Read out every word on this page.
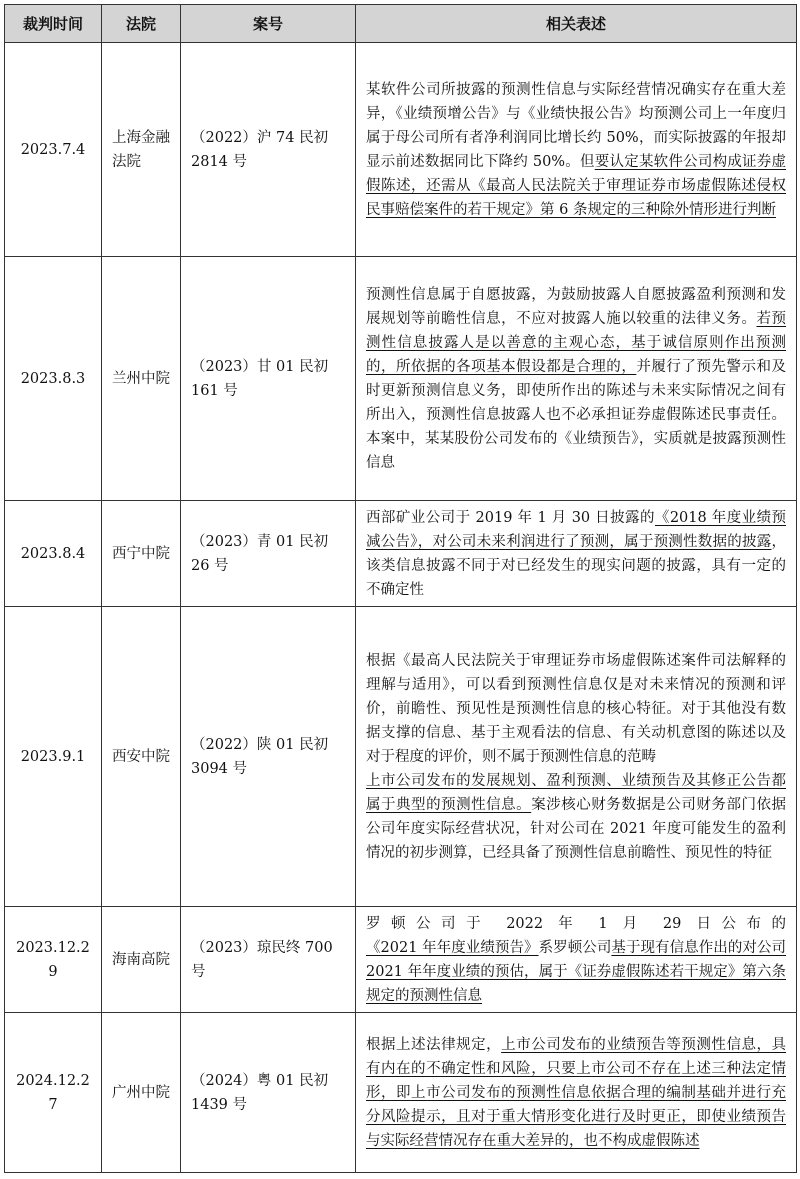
裁判时间	法院	案号	相关表述
2023.7.4	上海金融法院	（2022）沪 74 民初 2814 号	某软件公司所披露的预测性信息与实际经营情况确实存在重大差异，《业绩预增公告》与《业绩快报公告》均预测公司上一年度归属于母公司所有者净利润同比增长约 50%，而实际披露的年报却显示前述数据同比下降约 50%。但要认定某软件公司构成证券虚假陈述，还需从《最高人民法院关于审理证券市场虚假陈述侵权民事赔偿案件的若干规定》第 6 条规定的三种除外情形进行判断
2023.8.3	兰州中院	（2023）甘 01 民初 161 号	预测性信息属于自愿披露，为鼓励披露人自愿披露盈利预测和发展规划等前瞻性信息，不应对披露人施以较重的法律义务。若预测性信息披露人是以善意的主观心态，基于诚信原则作出预测的，所依据的各项基本假设都是合理的，并履行了预先警示和及时更新预测信息义务，即使所作出的陈述与未来实际情况之间有所出入，预测性信息披露人也不必承担证券虚假陈述民事责任。本案中，某某股份公司发布的《业绩预告》，实质就是披露预测性信息
2023.8.4	西宁中院	（2023）青 01 民初 26 号	西部矿业公司于 2019 年 1 月 30 日披露的《2018 年度业绩预减公告》，对公司未来利润进行了预测，属于预测性数据的披露，该类信息披露不同于对已经发生的现实问题的披露，具有一定的不确定性
2023.9.1	西安中院	（2022）陕 01 民初 3094 号	根据《最高人民法院关于审理证券市场虚假陈述案件司法解释的理解与适用》，可以看到预测性信息仅是对未来情况的预测和评价，前瞻性、预见性是预测性信息的核心特征。对于其他没有数据支撑的信息、基于主观看法的信息、有关动机意图的陈述以及对于程度的评价，则不属于预测性信息的范畴
上市公司发布的发展规划、盈利预测、业绩预告及其修正公告都属于典型的预测性信息。案涉核心财务数据是公司财务部门依据公司年度实际经营状况，针对公司在 2021 年度可能发生的盈利情况的初步测算，已经具备了预测性信息前瞻性、预见性的特征
2023.12.29	海南高院	（2023）琼民终 700 号	罗顿公司于 2022 年 1 月 29 日公布的《2021 年年度业绩预告》系罗顿公司基于现有信息作出的对公司 2021 年年度业绩的预估，属于《证券虚假陈述若干规定》第六条规定的预测性信息
2024.12.27	广州中院	（2024）粤 01 民初 1439 号	根据上述法律规定，上市公司发布的业绩预告等预测性信息，具有内在的不确定性和风险，只要上市公司不存在上述三种法定情形，即上市公司发布的预测性信息依据合理的编制基础并进行充分风险提示，且对于重大情形变化进行及时更正，即使业绩预告与实际经营情况存在重大差异的，也不构成虚假陈述
